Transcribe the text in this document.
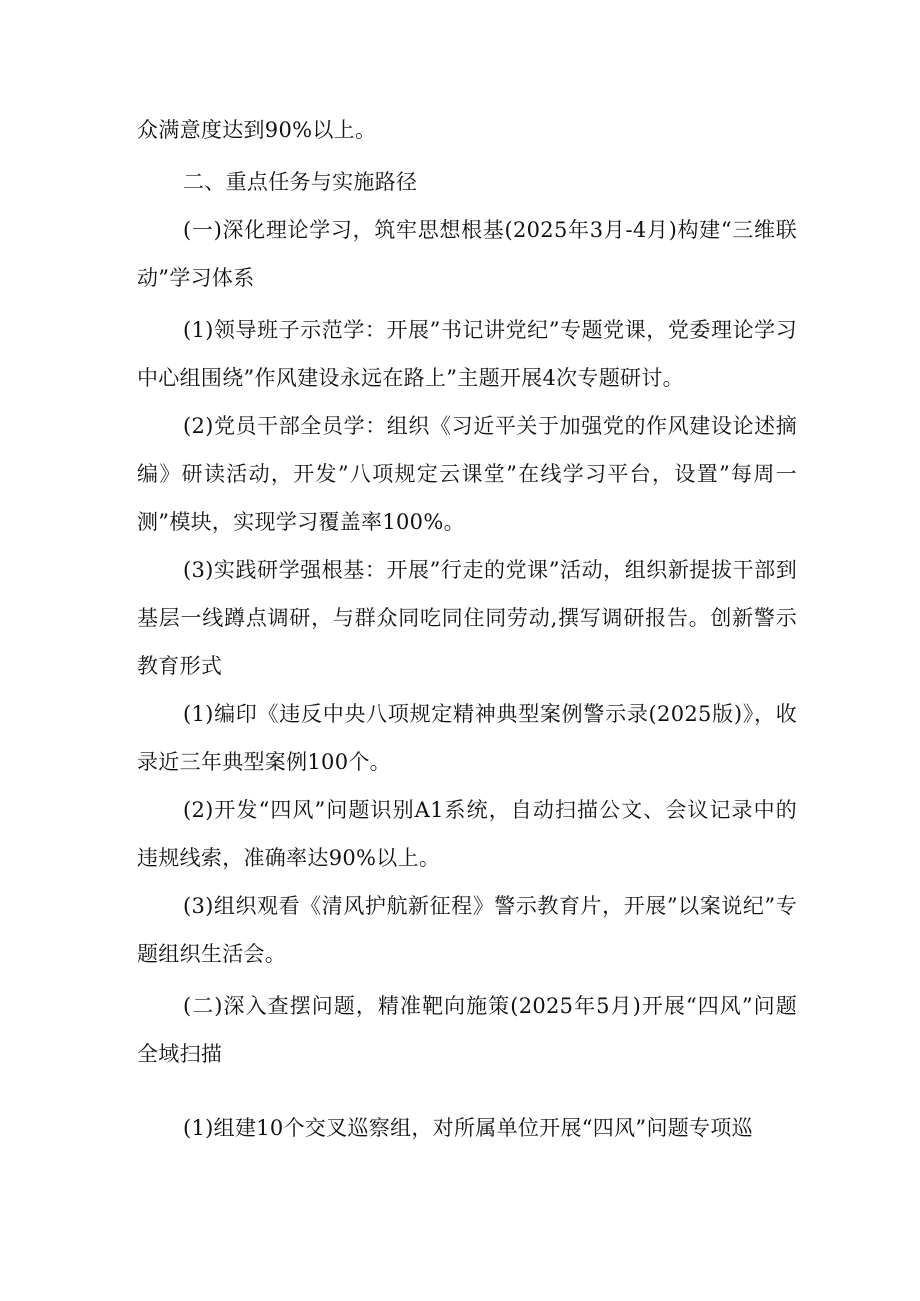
众满意度达到90%以上。

二、重点任务与实施路径

(一)深化理论学习，筑牢思想根基(2025年3月-4月)构建“三维联动”学习体系

(1)领导班子示范学：开展”书记讲党纪”专题党课，党委理论学习中心组围绕”作风建设永远在路上”主题开展4次专题研讨。

(2)党员干部全员学：组织《习近平关于加强党的作风建设论述摘编》研读活动，开发”八项规定云课堂”在线学习平台，设置”每周一测”模块，实现学习覆盖率100%。

(3)实践研学强根基：开展”行走的党课”活动，组织新提拔干部到基层一线蹲点调研，与群众同吃同住同劳动,撰写调研报告。创新警示教育形式

(1)编印《违反中央八项规定精神典型案例警示录(2025版)》，收录近三年典型案例100个。

(2)开发“四风”问题识别A1系统，自动扫描公文、会议记录中的违规线索，准确率达90%以上。

(3)组织观看《清风护航新征程》警示教育片，开展”以案说纪”专题组织生活会。

(二)深入查摆问题，精准靶向施策(2025年5月)开展“四风”问题全域扫描

(1)组建10个交叉巡察组，对所属单位开展“四风”问题专项巡
